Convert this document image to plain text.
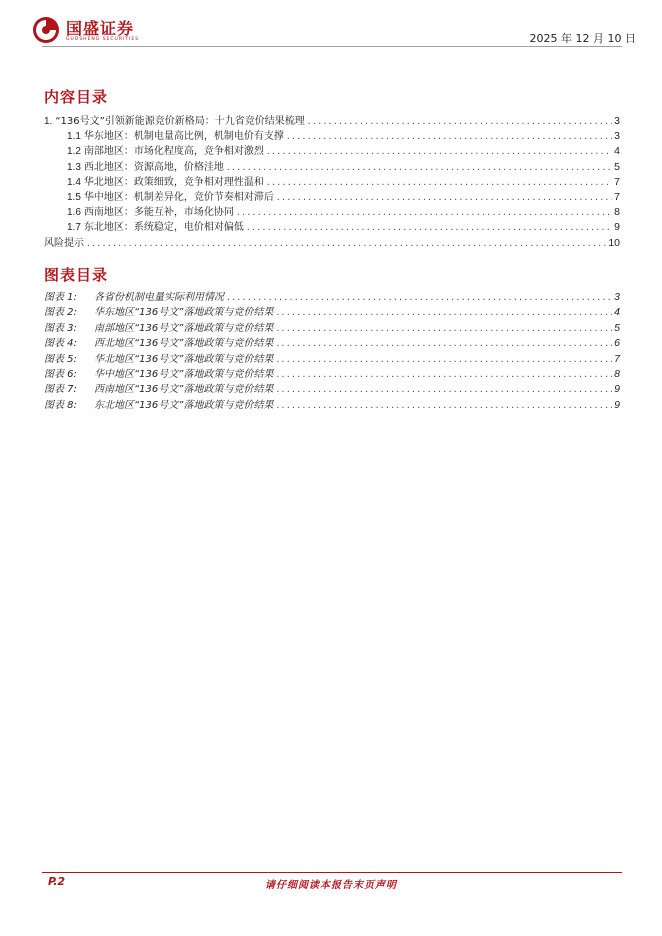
国盛证券
GUOSHENG SECURITIES	2025 年 12 月 10 日
内容目录
1. “136号文”引领新能源竞价新格局：十九省竞价结果梳理 .....	3
1.1 华东地区：机制电量高比例，机制电价有支撑 .....	3
1.2 南部地区：市场化程度高，竞争相对激烈 .....	4
1.3 西北地区：资源高地，价格洼地 .....	5
1.4 华北地区：政策细致，竞争相对理性温和 .....	7
1.5 华中地区：机制差异化，竞价节奏相对滞后 .....	7
1.6 西南地区：多能互补，市场化协同 .....	8
1.7 东北地区：系统稳定，电价相对偏低 .....	9
风险提示 .....	10
图表目录
图表 1:	各省份机制电量实际利用情况 .....	3
图表 2:	华东地区“136号文”落地政策与竞价结果 .....	4
图表 3:	南部地区“136号文”落地政策与竞价结果 .....	5
图表 4:	西北地区“136号文”落地政策与竞价结果 .....	6
图表 5:	华北地区“136号文”落地政策与竞价结果 .....	7
图表 6:	华中地区“136号文”落地政策与竞价结果 .....	8
图表 7:	西南地区“136号文”落地政策与竞价结果 .....	9
图表 8:	东北地区“136号文”落地政策与竞价结果 .....	9
P.2	请仔细阅读本报告末页声明
